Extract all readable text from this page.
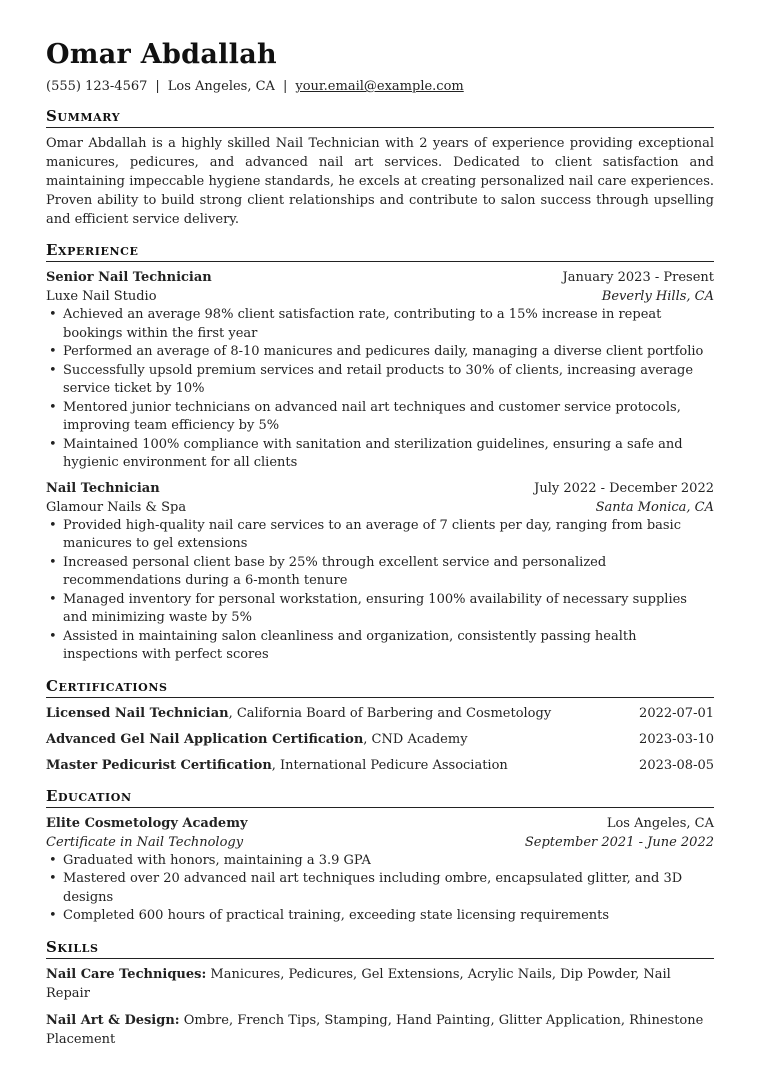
Omar Abdallah
(555) 123-4567 | Los Angeles, CA | your.email@example.com
Summary
Omar Abdallah is a highly skilled Nail Technician with 2 years of experience providing exceptional manicures, pedicures, and advanced nail art services. Dedicated to client satisfaction and maintaining impeccable hygiene standards, he excels at creating personalized nail care experiences. Proven ability to build strong client relationships and contribute to salon success through upselling and efficient service delivery.
Experience
Senior Nail Technician	January 2023 - Present
Luxe Nail Studio	Beverly Hills, CA
• Achieved an average 98% client satisfaction rate, contributing to a 15% increase in repeat bookings within the first year
• Performed an average of 8-10 manicures and pedicures daily, managing a diverse client portfolio
• Successfully upsold premium services and retail products to 30% of clients, increasing average service ticket by 10%
• Mentored junior technicians on advanced nail art techniques and customer service protocols, improving team efficiency by 5%
• Maintained 100% compliance with sanitation and sterilization guidelines, ensuring a safe and hygienic environment for all clients
Nail Technician	July 2022 - December 2022
Glamour Nails & Spa	Santa Monica, CA
• Provided high-quality nail care services to an average of 7 clients per day, ranging from basic manicures to gel extensions
• Increased personal client base by 25% through excellent service and personalized recommendations during a 6-month tenure
• Managed inventory for personal workstation, ensuring 100% availability of necessary supplies and minimizing waste by 5%
• Assisted in maintaining salon cleanliness and organization, consistently passing health inspections with perfect scores
Certifications
Licensed Nail Technician, California Board of Barbering and Cosmetology	2022-07-01
Advanced Gel Nail Application Certification, CND Academy	2023-03-10
Master Pedicurist Certification, International Pedicure Association	2023-08-05
Education
Elite Cosmetology Academy	Los Angeles, CA
Certificate in Nail Technology	September 2021 - June 2022
• Graduated with honors, maintaining a 3.9 GPA
• Mastered over 20 advanced nail art techniques including ombre, encapsulated glitter, and 3D designs
• Completed 600 hours of practical training, exceeding state licensing requirements
Skills
Nail Care Techniques: Manicures, Pedicures, Gel Extensions, Acrylic Nails, Dip Powder, Nail Repair
Nail Art & Design: Ombre, French Tips, Stamping, Hand Painting, Glitter Application, Rhinestone Placement
